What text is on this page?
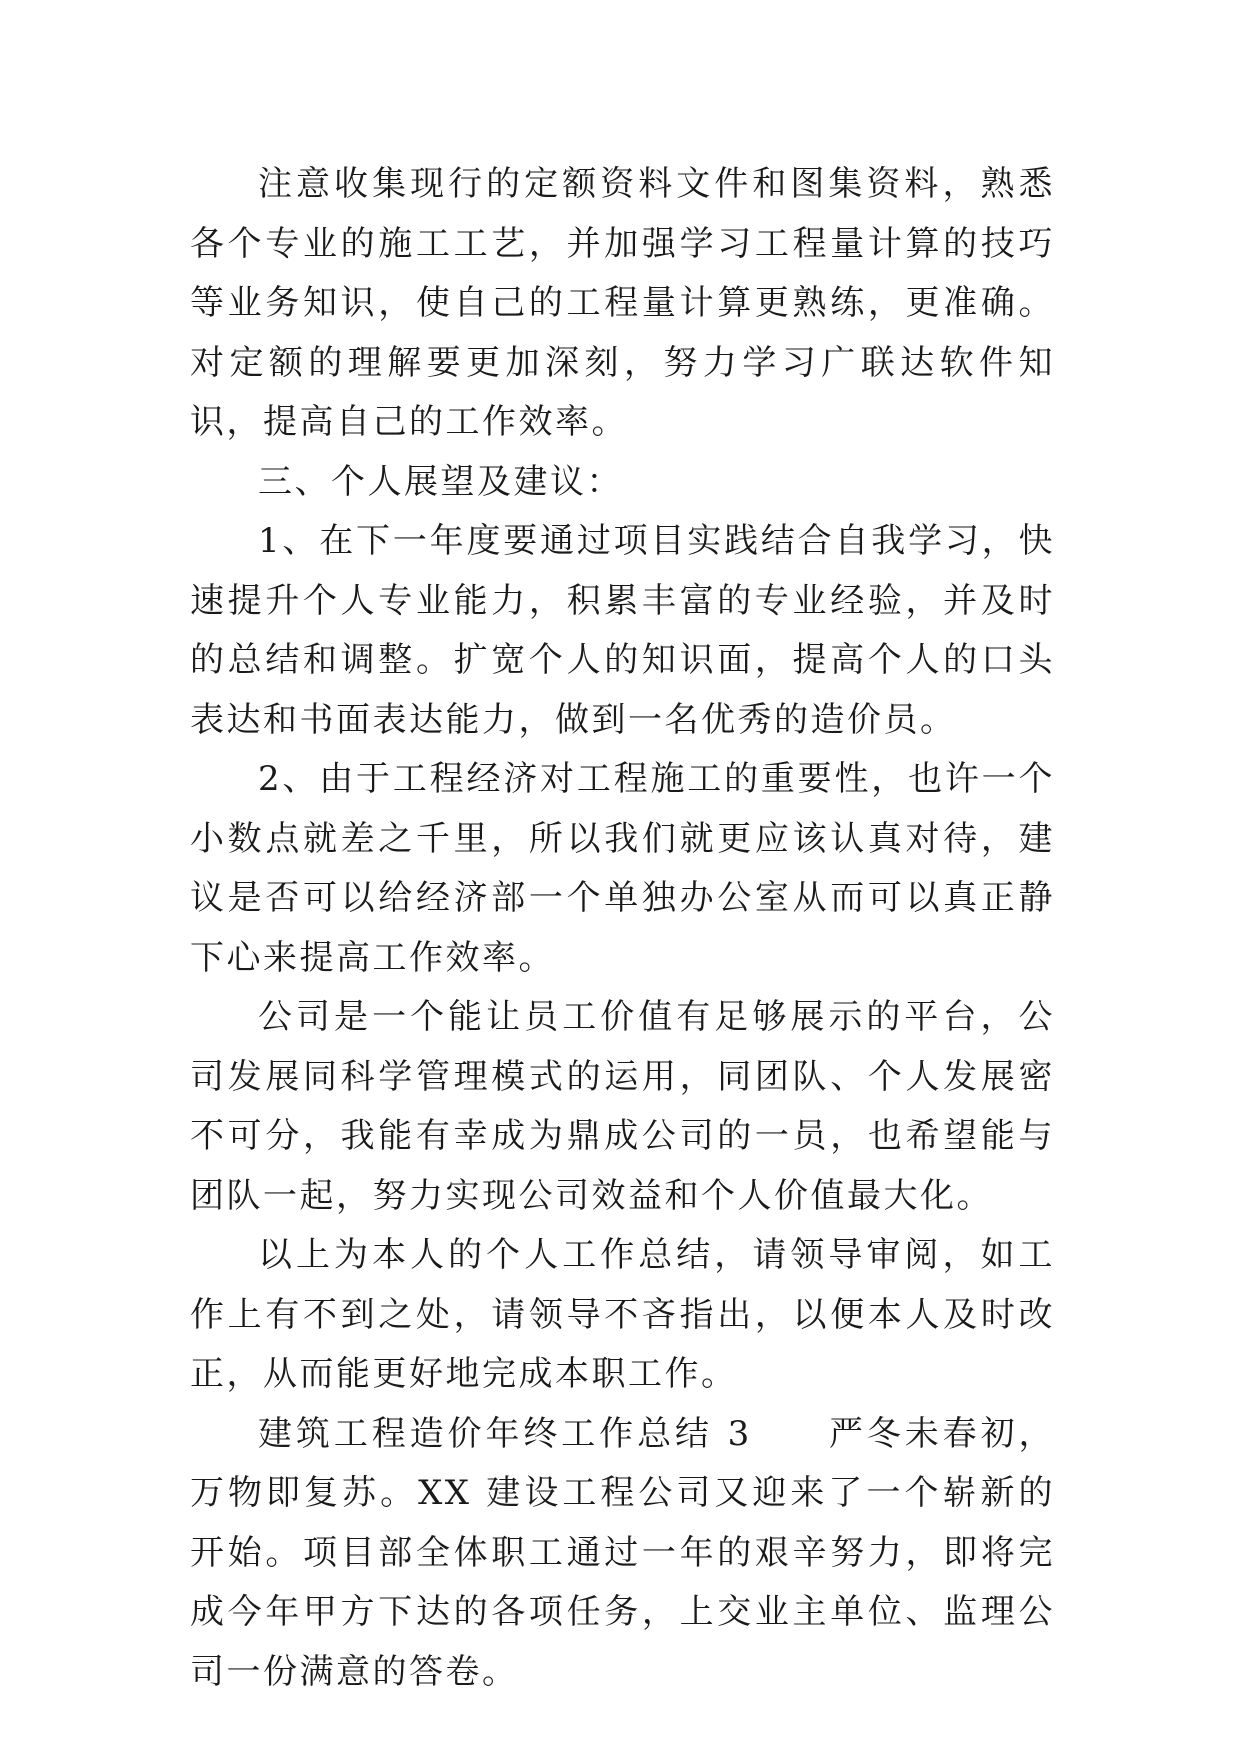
注意收集现行的定额资料文件和图集资料，熟悉各个专业的施工工艺，并加强学习工程量计算的技巧等业务知识，使自己的工程量计算更熟练，更准确。对定额的理解要更加深刻，努力学习广联达软件知识，提高自己的工作效率。

三、个人展望及建议：

1、在下一年度要通过项目实践结合自我学习，快速提升个人专业能力，积累丰富的专业经验，并及时的总结和调整。扩宽个人的知识面，提高个人的口头表达和书面表达能力，做到一名优秀的造价员。

2、由于工程经济对工程施工的重要性，也许一个小数点就差之千里，所以我们就更应该认真对待，建议是否可以给经济部一个单独办公室从而可以真正静下心来提高工作效率。

公司是一个能让员工价值有足够展示的平台，公司发展同科学管理模式的运用，同团队、个人发展密不可分，我能有幸成为鼎成公司的一员，也希望能与团队一起，努力实现公司效益和个人价值最大化。

以上为本人的个人工作总结，请领导审阅，如工作上有不到之处，请领导不吝指出，以便本人及时改正，从而能更好地完成本职工作。

建筑工程造价年终工作总结 3　　严冬未春初，万物即复苏。XX 建设工程公司又迎来了一个崭新的开始。项目部全体职工通过一年的艰辛努力，即将完成今年甲方下达的各项任务，上交业主单位、监理公司一份满意的答卷。
